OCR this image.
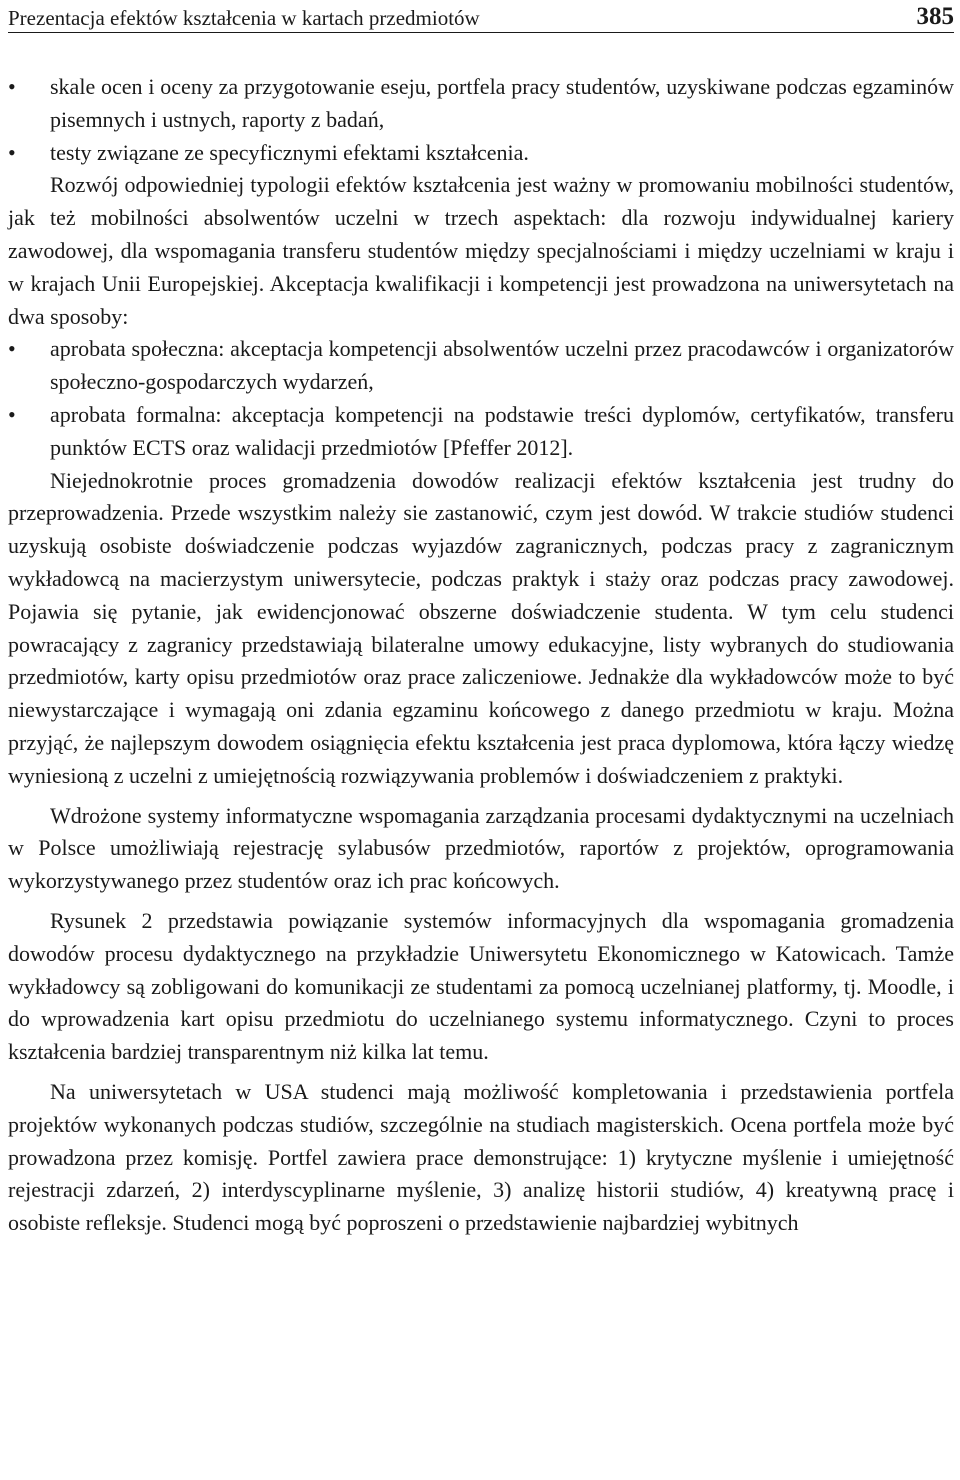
Prezentacja efektów kształcenia w kartach przedmiotów	385

•	skale ocen i oceny za przygotowanie eseju, portfela pracy studentów, uzyskiwane podczas egzaminów pisemnych i ustnych, raporty z badań,

•	testy związane ze specyficznymi efektami kształcenia.

Rozwój odpowiedniej typologii efektów kształcenia jest ważny w promowaniu mobilności studentów, jak też mobilności absolwentów uczelni w trzech aspektach: dla rozwoju indywidualnej kariery zawodowej, dla wspomagania transferu studentów między specjalnościami i między uczelniami w kraju i w krajach Unii Europejskiej. Akceptacja kwalifikacji i kompetencji jest prowadzona na uniwersytetach na dwa sposoby:

•	aprobata społeczna: akceptacja kompetencji absolwentów uczelni przez pracodawców i organizatorów społeczno-gospodarczych wydarzeń,

•	aprobata formalna: akceptacja kompetencji na podstawie treści dyplomów, certyfikatów, transferu punktów ECTS oraz walidacji przedmiotów [Pfeffer 2012].

Niejednokrotnie proces gromadzenia dowodów realizacji efektów kształcenia jest trudny do przeprowadzenia. Przede wszystkim należy sie zastanowić, czym jest dowód. W trakcie studiów studenci uzyskują osobiste doświadczenie podczas wyjazdów zagranicznych, podczas pracy z zagranicznym wykładowcą na macierzystym uniwersytecie, podczas praktyk i staży oraz podczas pracy zawodowej. Pojawia się pytanie, jak ewidencjonować obszerne doświadczenie studenta. W tym celu studenci powracający z zagranicy przedstawiają bilateralne umowy edukacyjne, listy wybranych do studiowania przedmiotów, karty opisu przedmiotów oraz prace zaliczeniowe. Jednakże dla wykładowców może to być niewystarczające i wymagają oni zdania egzaminu końcowego z danego przedmiotu w kraju. Można przyjąć, że najlepszym dowodem osiągnięcia efektu kształcenia jest praca dyplomowa, która łączy wiedzę wyniesioną z uczelni z umiejętnością rozwiązywania problemów i doświadczeniem z praktyki.

Wdrożone systemy informatyczne wspomagania zarządzania procesami dydaktycznymi na uczelniach w Polsce umożliwiają rejestrację sylabusów przedmiotów, raportów z projektów, oprogramowania wykorzystywanego przez studentów oraz ich prac końcowych.

Rysunek 2 przedstawia powiązanie systemów informacyjnych dla wspomagania gromadzenia dowodów procesu dydaktycznego na przykładzie Uniwersytetu Ekonomicznego w Katowicach. Tamże wykładowcy są zobligowani do komunikacji ze studentami za pomocą uczelnianej platformy, tj. Moodle, i do wprowadzenia kart opisu przedmiotu do uczelnianego systemu informatycznego. Czyni to proces kształcenia bardziej transparentnym niż kilka lat temu.

Na uniwersytetach w USA studenci mają możliwość kompletowania i przedstawienia portfela projektów wykonanych podczas studiów, szczególnie na studiach magisterskich. Ocena portfela może być prowadzona przez komisję. Portfel zawiera prace demonstrujące: 1) krytyczne myślenie i umiejętność rejestracji zdarzeń, 2) interdyscyplinarne myślenie, 3) analizę historii studiów, 4) kreatywną pracę i osobiste refleksje. Studenci mogą być poproszeni o przedstawienie najbardziej wybitnych
